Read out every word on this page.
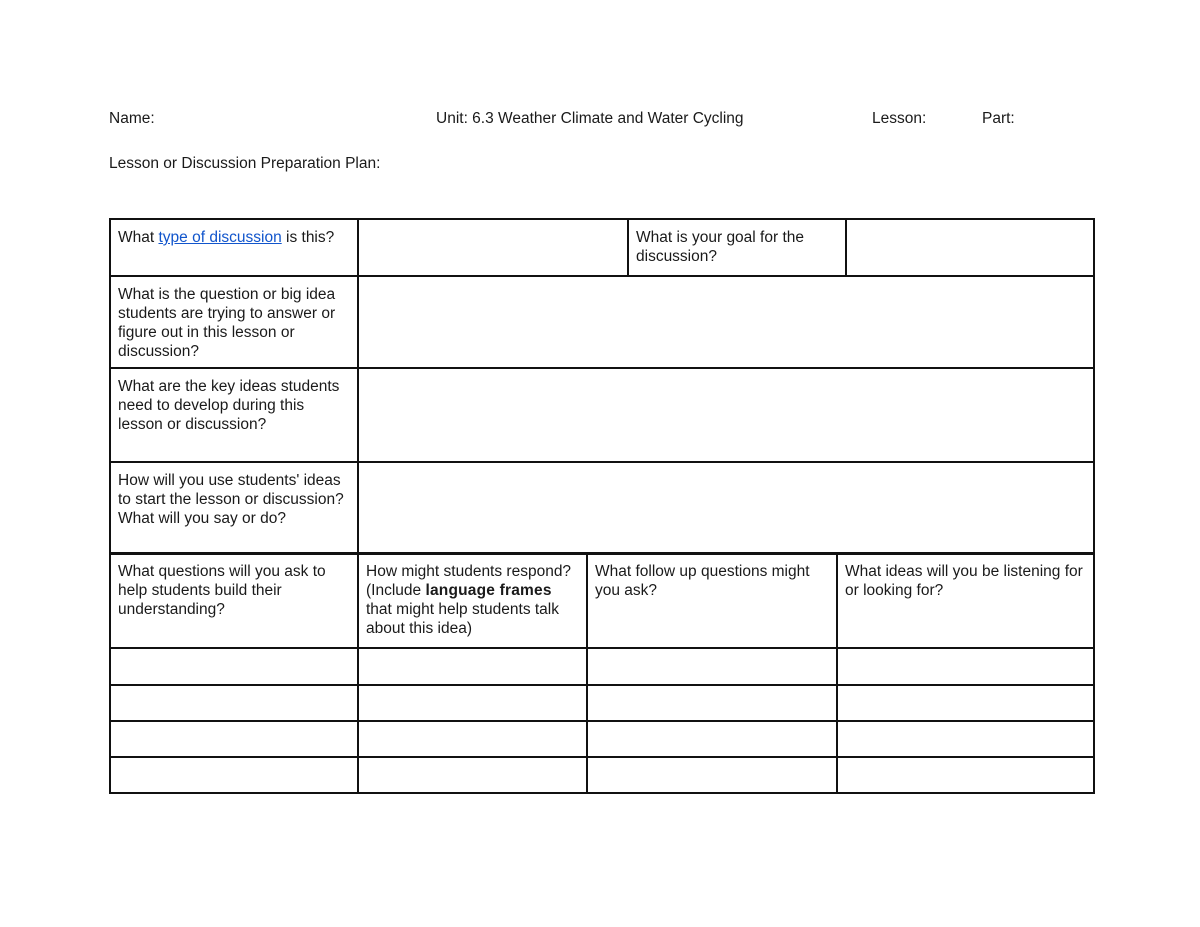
Name:	Unit: 6.3 Weather Climate and Water Cycling	Lesson:	Part:
Lesson or Discussion Preparation Plan:
What type of discussion is this?		What is your goal for the discussion?	
What is the question or big idea students are trying to answer or figure out in this lesson or discussion?			
What are the key ideas students need to develop during this lesson or discussion?			
How will you use students' ideas to start the lesson or discussion? What will you say or do?			
What questions will you ask to help students build their understanding?	How might students respond? (Include language frames that might help students talk about this idea)	What follow up questions might you ask?	What ideas will you be listening for or looking for?
